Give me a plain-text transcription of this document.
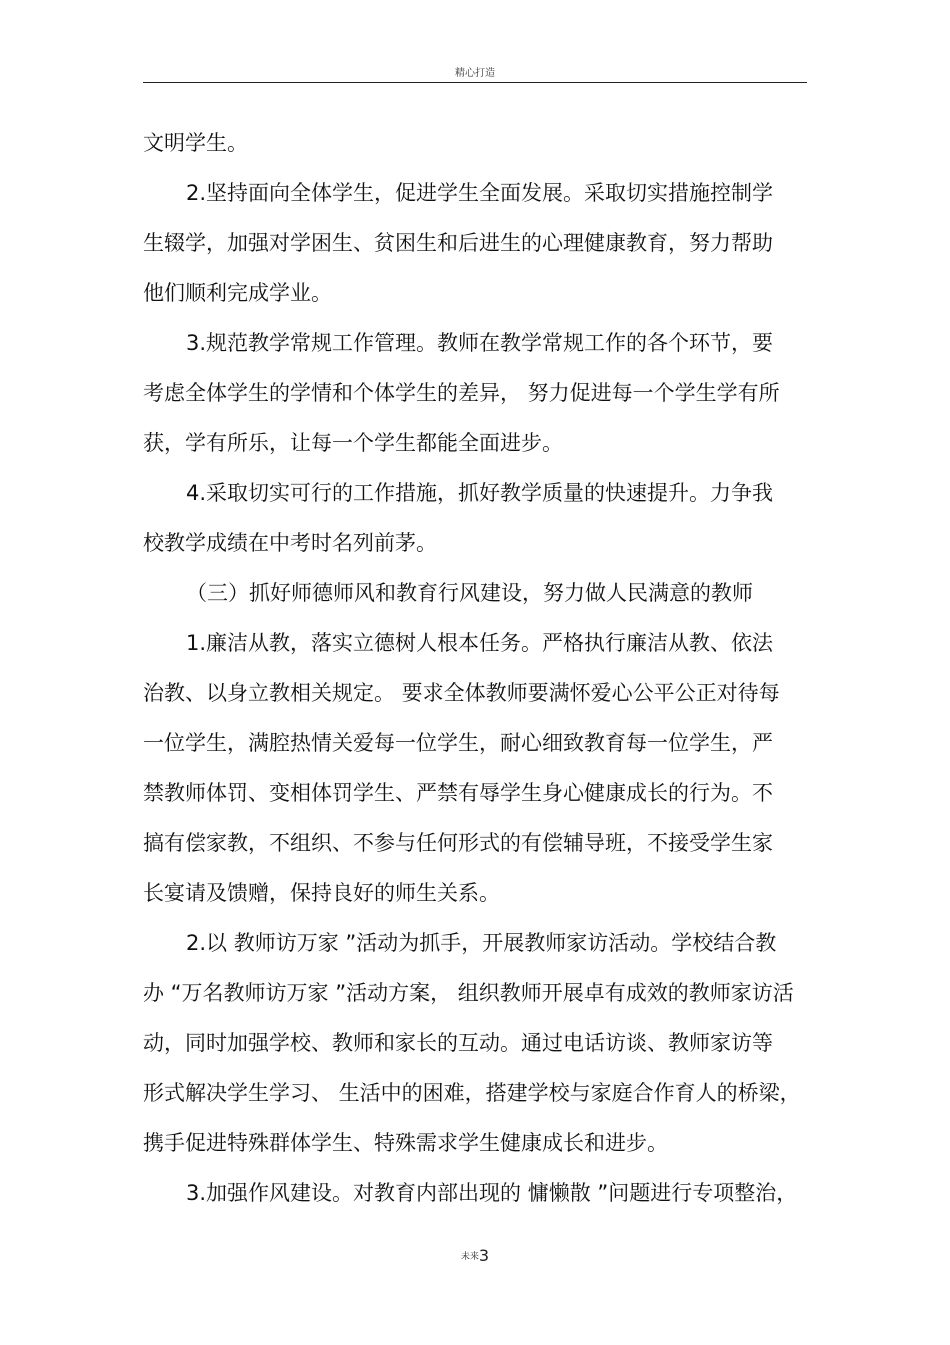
精心打造
文明学生。
2.坚持面向全体学生，促进学生全面发展。采取切实措施控制学
生辍学，加强对学困生、贫困生和后进生的心理健康教育，努力帮助
他们顺利完成学业。
3.规范教学常规工作管理。教师在教学常规工作的各个环节，要
考虑全体学生的学情和个体学生的差异， 努力促进每一个学生学有所
获，学有所乐，让每一个学生都能全面进步。
4.采取切实可行的工作措施，抓好教学质量的快速提升。力争我
校教学成绩在中考时名列前茅。
（三）抓好师德师风和教育行风建设，努力做人民满意的教师
1.廉洁从教，落实立德树人根本任务。严格执行廉洁从教、依法
治教、以身立教相关规定。 要求全体教师要满怀爱心公平公正对待每
一位学生，满腔热情关爱每一位学生，耐心细致教育每一位学生，严
禁教师体罚、变相体罚学生、严禁有辱学生身心健康成长的行为。不
搞有偿家教，不组织、不参与任何形式的有偿辅导班，不接受学生家
长宴请及馈赠，保持良好的师生关系。
2.以 教师访万家 ”活动为抓手，开展教师家访活动。学校结合教
办 “万名教师访万家 ”活动方案， 组织教师开展卓有成效的教师家访活
动，同时加强学校、教师和家长的互动。通过电话访谈、教师家访等
形式解决学生学习、 生活中的困难，搭建学校与家庭合作育人的桥梁，
携手促进特殊群体学生、特殊需求学生健康成长和进步。
3.加强作风建设。对教育内部出现的 慵懒散 ”问题进行专项整治，
未来3
